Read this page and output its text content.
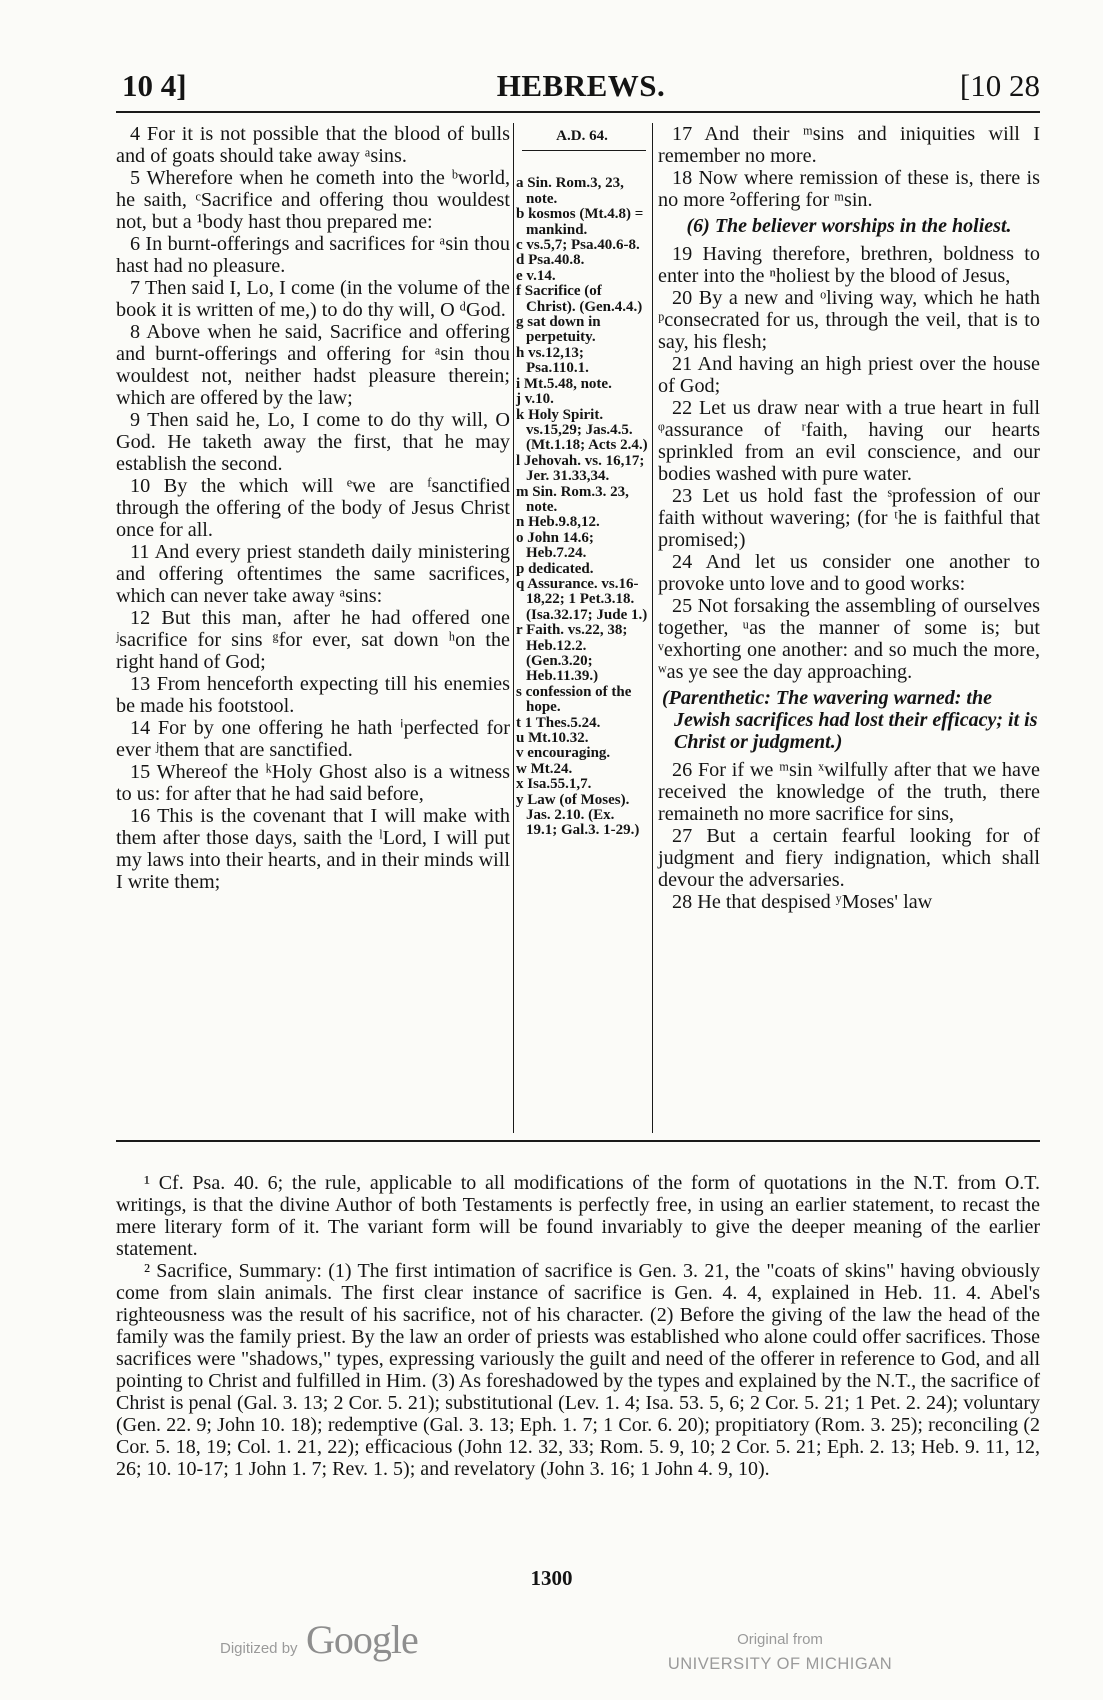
10 4]	HEBREWS.	[10 28

4 For it is not possible that the blood of bulls and of goats should take away ᵃsins.

5 Wherefore when he cometh into the ᵇworld, he saith, ᶜSacrifice and offering thou wouldest not, but a ¹body hast thou prepared me:

6 In burnt-offerings and sacrifices for ᵃsin thou hast had no pleasure.

7 Then said I, Lo, I come (in the volume of the book it is written of me,) to do thy will, O ᵈGod.

8 Above when he said, Sacrifice and offering and burnt-offerings and offering for ᵃsin thou wouldest not, neither hadst pleasure therein; which are offered by the law;

9 Then said he, Lo, I come to do thy will, O God. He taketh away the first, that he may establish the second.

10 By the which will ᵉwe are ᶠsanctified through the offering of the body of Jesus Christ once for all.

11 And every priest standeth daily ministering and offering oftentimes the same sacrifices, which can never take away ᵃsins:

12 But this man, after he had offered one ʲsacrifice for sins ᵍfor ever, sat down ʰon the right hand of God;

13 From henceforth expecting till his enemies be made his footstool.

14 For by one offering he hath ⁱperfected for ever ʲthem that are sanctified.

15 Whereof the ᵏHoly Ghost also is a witness to us: for after that he had said before,

16 This is the covenant that I will make with them after those days, saith the ˡLord, I will put my laws into their hearts, and in their minds will I write them;

A.D. 64.

a Sin. Rom.3, 23, note.

b kosmos (Mt.4.8) = mankind.

c vs.5,7; Psa.40.6-8.

d Psa.40.8.

e v.14.

f Sacrifice (of Christ). (Gen.4.4.)

g sat down in perpetuity.

h vs.12,13; Psa.110.1.

i Mt.5.48, note.

j v.10.

k Holy Spirit. vs.15,29; Jas.4.5. (Mt.1.18; Acts 2.4.)

l Jehovah. vs. 16,17; Jer. 31.33,34.

m Sin. Rom.3. 23, note.

n Heb.9.8,12.

o John 14.6; Heb.7.24.

p dedicated.

q Assurance. vs.16-18,22; 1 Pet.3.18. (Isa.32.17; Jude 1.)

r Faith. vs.22, 38; Heb.12.2. (Gen.3.20; Heb.11.39.)

s confession of the hope.

t 1 Thes.5.24.

u Mt.10.32.

v encouraging.

w Mt.24.

x Isa.55.1,7.

y Law (of Moses). Jas. 2.10. (Ex. 19.1; Gal.3. 1-29.)

17 And their ᵐsins and iniquities will I remember no more.

18 Now where remission of these is, there is no more ²offering for ᵐsin.

(6) The believer worships in the holiest.

19 Having therefore, brethren, boldness to enter into the ⁿholiest by the blood of Jesus,

20 By a new and ᵒliving way, which he hath ᵖconsecrated for us, through the veil, that is to say, his flesh;

21 And having an high priest over the house of God;

22 Let us draw near with a true heart in full ᵠassurance of ʳfaith, having our hearts sprinkled from an evil conscience, and our bodies washed with pure water.

23 Let us hold fast the ˢprofession of our faith without wavering; (for ᵗhe is faithful that promised;)

24 And let us consider one another to provoke unto love and to good works:

25 Not forsaking the assembling of ourselves together, ᵘas the manner of some is; but ᵛexhorting one another: and so much the more, ʷas ye see the day approaching.

(Parenthetic: The wavering warned: the Jewish sacrifices had lost their efficacy; it is Christ or judgment.)

26 For if we ᵐsin ˣwilfully after that we have received the knowledge of the truth, there remaineth no more sacrifice for sins,

27 But a certain fearful looking for of judgment and fiery indignation, which shall devour the adversaries.

28 He that despised ʸMoses' law

¹ Cf. Psa. 40. 6; the rule, applicable to all modifications of the form of quotations in the N.T. from O.T. writings, is that the divine Author of both Testaments is perfectly free, in using an earlier statement, to recast the mere literary form of it. The variant form will be found invariably to give the deeper meaning of the earlier statement.

² Sacrifice, Summary: (1) The first intimation of sacrifice is Gen. 3. 21, the "coats of skins" having obviously come from slain animals. The first clear instance of sacrifice is Gen. 4. 4, explained in Heb. 11. 4. Abel's righteousness was the result of his sacrifice, not of his character. (2) Before the giving of the law the head of the family was the family priest. By the law an order of priests was established who alone could offer sacrifices. Those sacrifices were "shadows," types, expressing variously the guilt and need of the offerer in reference to God, and all pointing to Christ and fulfilled in Him. (3) As foreshadowed by the types and explained by the N.T., the sacrifice of Christ is penal (Gal. 3. 13; 2 Cor. 5. 21); substitutional (Lev. 1. 4; Isa. 53. 5, 6; 2 Cor. 5. 21; 1 Pet. 2. 24); voluntary (Gen. 22. 9; John 10. 18); redemptive (Gal. 3. 13; Eph. 1. 7; 1 Cor. 6. 20); propitiatory (Rom. 3. 25); reconciling (2 Cor. 5. 18, 19; Col. 1. 21, 22); efficacious (John 12. 32, 33; Rom. 5. 9, 10; 2 Cor. 5. 21; Eph. 2. 13; Heb. 9. 11, 12, 26; 10. 10-17; 1 John 1. 7; Rev. 1. 5); and revelatory (John 3. 16; 1 John 4. 9, 10).

1300
Digitized by Google	Original from
UNIVERSITY OF MICHIGAN
